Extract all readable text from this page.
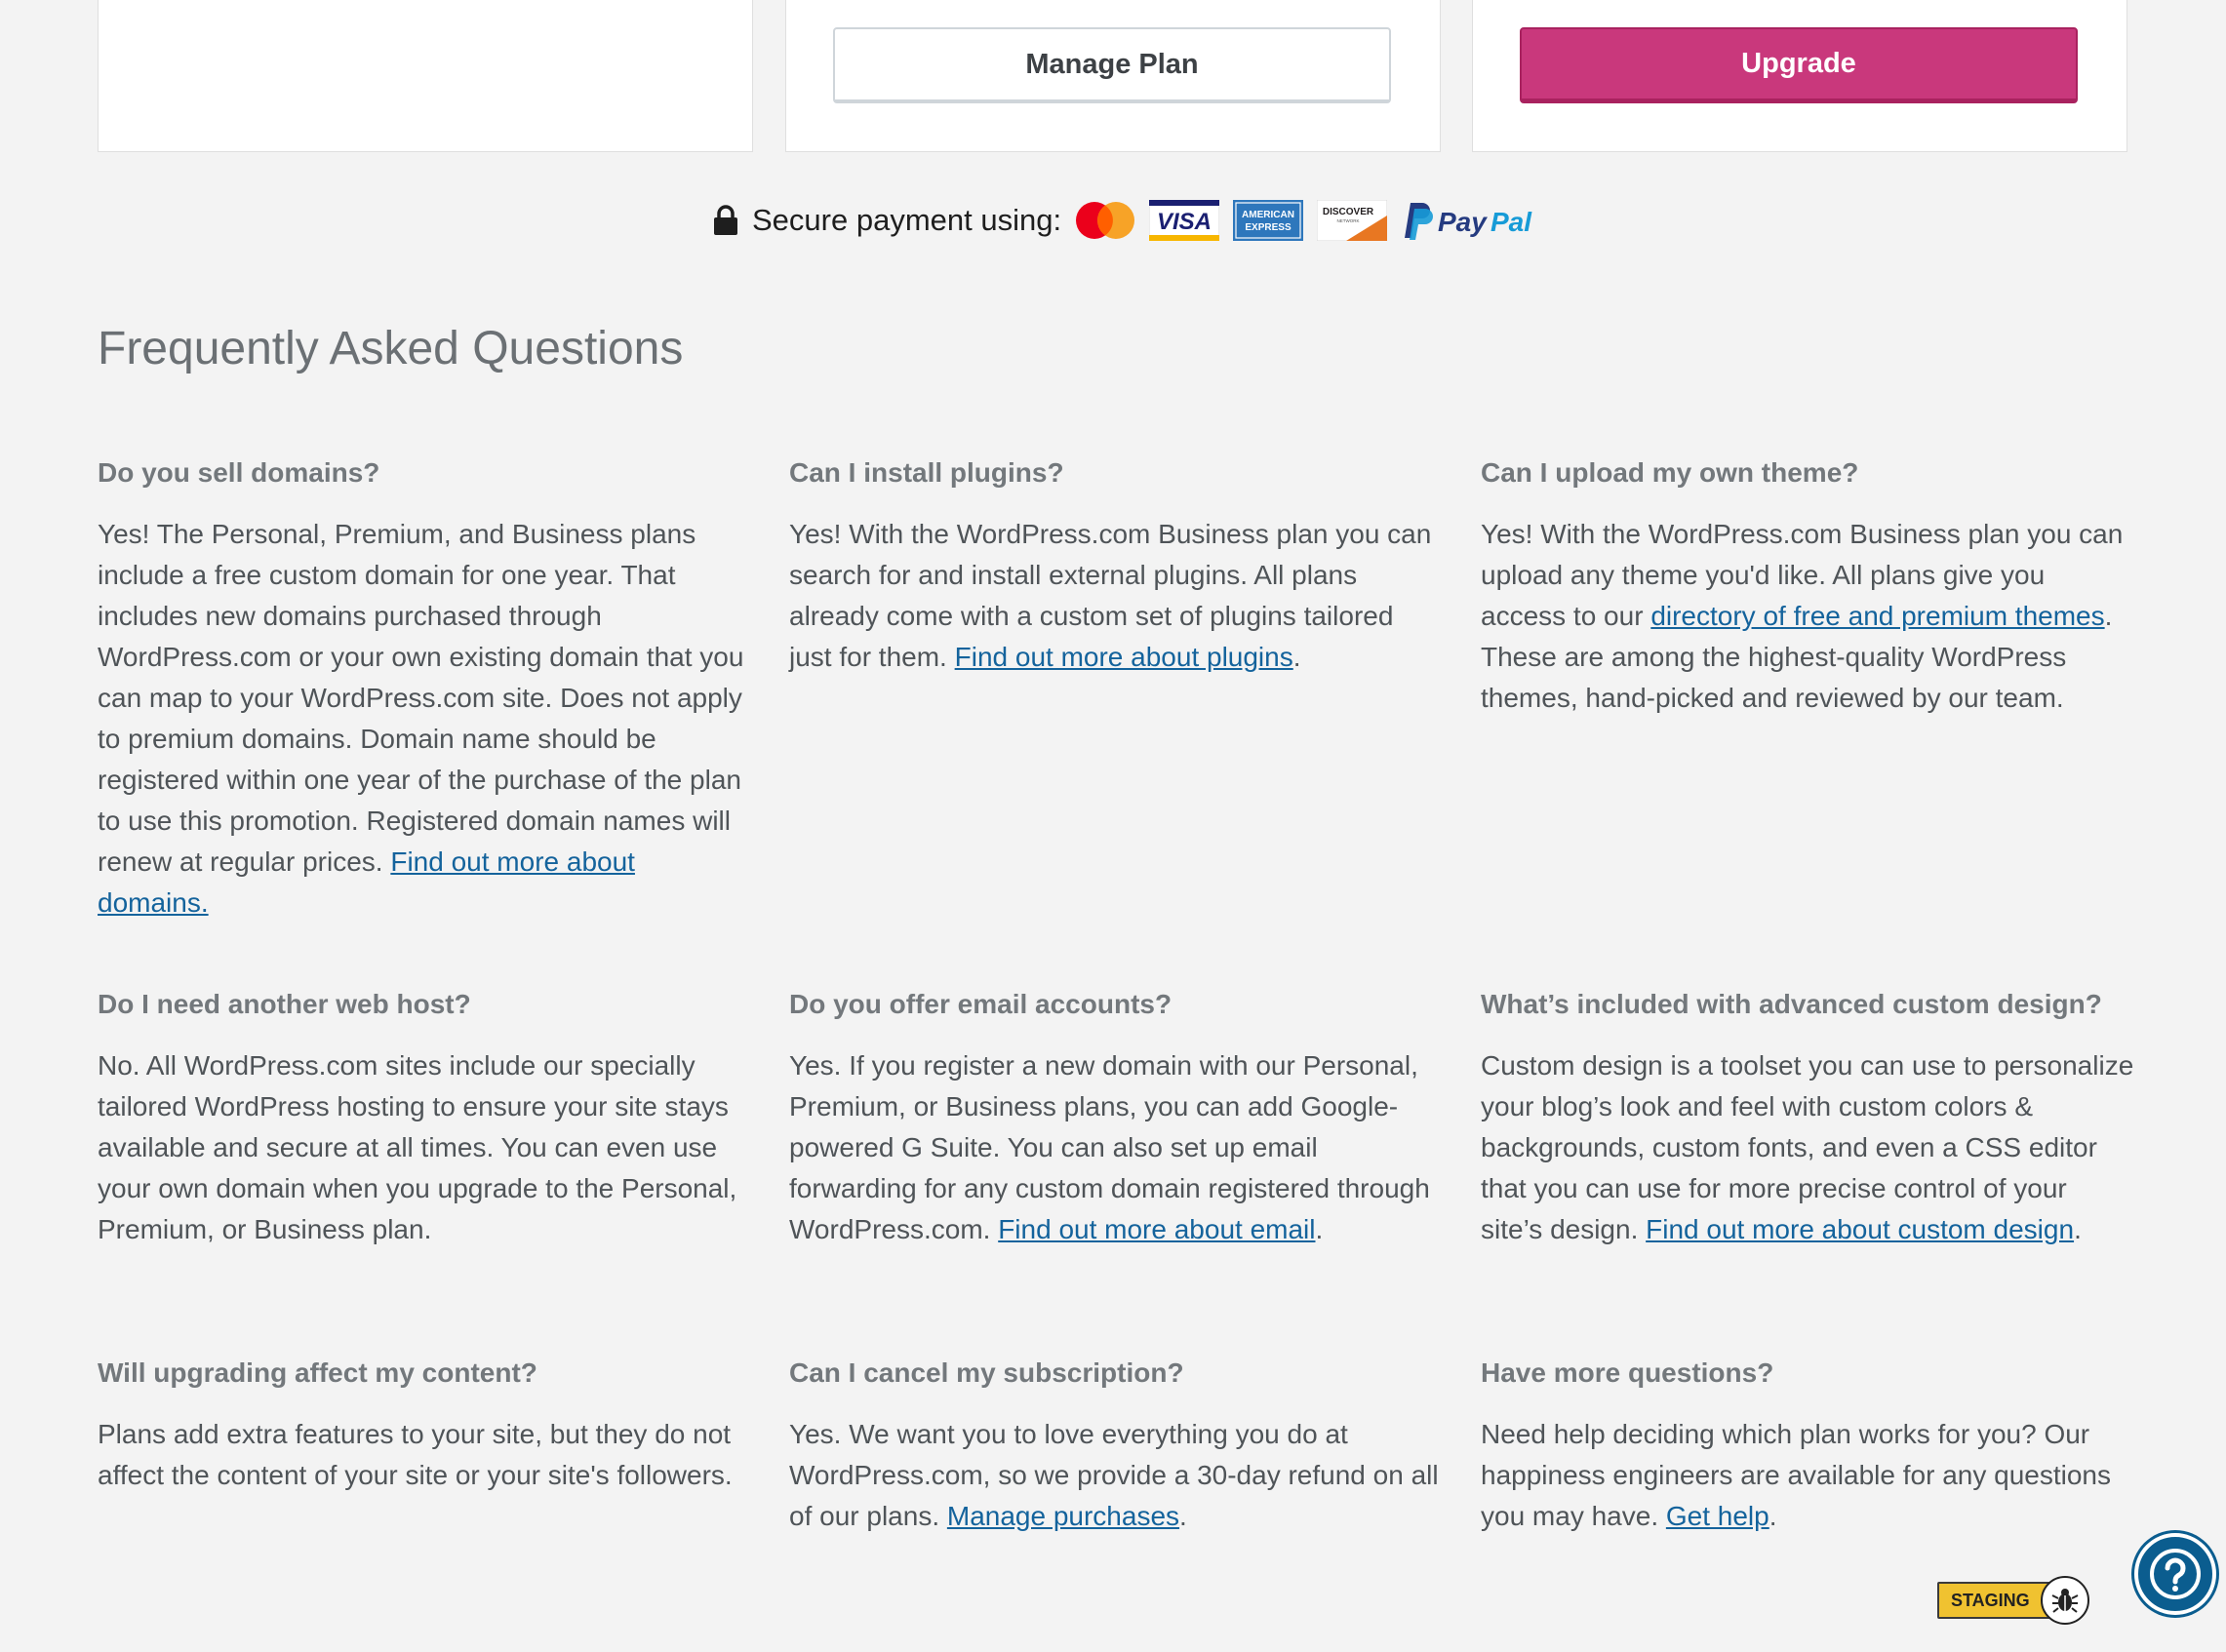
Manage Plan	Upgrade
Secure payment using:	VISA	AMERICAN
EXPRESS
DISCOVER
NETWORK	Pay Pal
Frequently Asked Questions
Do you sell domains?

Yes! The Personal, Premium, and Business plans include a free custom domain for one year. That includes new domains purchased through WordPress.com or your own existing domain that you can map to your WordPress.com site. Does not apply to premium domains. Domain name should be registered within one year of the purchase of the plan to use this promotion. Registered domain names will renew at regular prices. Find out more about domains.

Can I install plugins?

Yes! With the WordPress.com Business plan you can search for and install external plugins. All plans already come with a custom set of plugins tailored just for them. Find out more about plugins.

Can I upload my own theme?

Yes! With the WordPress.com Business plan you can upload any theme you'd like. All plans give you access to our directory of free and premium themes. These are among the highest-quality WordPress themes, hand-picked and reviewed by our team.

Do I need another web host?

No. All WordPress.com sites include our specially tailored WordPress hosting to ensure your site stays available and secure at all times. You can even use your own domain when you upgrade to the Personal, Premium, or Business plan.

Do you offer email accounts?

Yes. If you register a new domain with our Personal, Premium, or Business plans, you can add Google-powered G Suite. You can also set up email forwarding for any custom domain registered through WordPress.com. Find out more about email.

What’s included with advanced custom design?

Custom design is a toolset you can use to personalize your blog’s look and feel with custom colors & backgrounds, custom fonts, and even a CSS editor that you can use for more precise control of your site’s design. Find out more about custom design.

Will upgrading affect my content?

Plans add extra features to your site, but they do not affect the content of your site or your site's followers.

Can I cancel my subscription?

Yes. We want you to love everything you do at WordPress.com, so we provide a 30-day refund on all of our plans. Manage purchases.

Have more questions?

Need help deciding which plan works for you? Our happiness engineers are available for any questions you may have. Get help.

STAGING
